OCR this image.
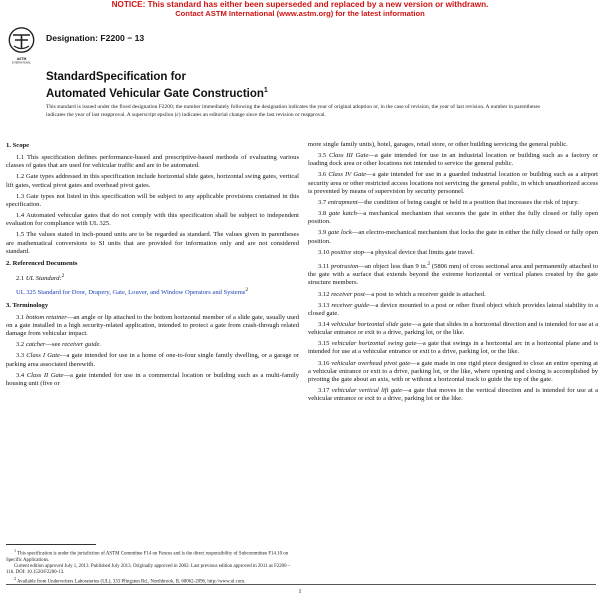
NOTICE: This standard has either been superseded and replaced by a new version or withdrawn.
Contact ASTM International (www.astm.org) for the latest information
ASTM
INTERNATIONAL
Designation: F2200 − 13
StandardSpecification for
Automated Vehicular Gate Construction$^1$
This standard is issued under the fixed designation F2200; the number immediately following the designation indicates the year of original adoption or, in the case of revision, the year of last revision. A number in parentheses indicates the year of last reapproval. A superscript epsilon (ε) indicates an editorial change since the last revision or reapproval.
1. Scope

1.1 This specification defines performance-based and prescriptive-based methods of evaluating various classes of gates that are used for vehicular traffic and are to be automated.

1.2 Gate types addressed in this specification include horizontal slide gates, horizontal swing gates, vertical lift gates, vertical pivot gates and overhead pivot gates.

1.3 Gate types not listed in this specification will be subject to any applicable provisions contained in this specification.

1.4 Automated vehicular gates that do not comply with this specification shall be subject to independent evaluation for compliance with UL 325.

1.5 The values stated in inch-pound units are to be regarded as standard. The values given in parentheses are mathematical conversions to SI units that are provided for information only and are not considered standard.

2. Referenced Documents

2.1 UL Standard:$^2$

UL 325 Standard for Door, Drapery, Gate, Louver, and Window Operators and Systems$^2$

3. Terminology

3.1 bottom retainer—an angle or lip attached to the bottom horizontal member of a slide gate, usually used on a gate installed in a high security-related application, intended to protect a gate from crash-through related damage from vehicular impact.

3.2 catcher—see receiver guide.

3.3 Class I Gate—a gate intended for use in a home of one-to-four single family dwelling, or a garage or parking area associated therewith.

3.4 Class II Gate—a gate intended for use in a commercial location or building such as a multi-family housing unit (five or

$^1$ This specification is under the jurisdiction of ASTM Committee F14 on Fences and is the direct responsibility of Subcommittee F14.10 on Specific Applications.

Current edition approved July 1, 2013. Published July 2013. Originally approved in 2002. Last previous edition approved in 2011 as F2200 – 11b. DOI: 10.1520/F2200-13.

$^2$ Available from Underwriters Laboratories (UL), 333 Pfingsten Rd., Northbrook, IL 60062-2096, http://www.ul.com.

more single family units), hotel, garages, retail store, or other building servicing the general public.

3.5 Class III Gate—a gate intended for use in an industrial location or building such as a factory or loading dock area or other locations not intended to service the general public.

3.6 Class IV Gate—a gate intended for use in a guarded industrial location or building such as a airport security area or other restricted access locations not servicing the general public, in which unauthorized access is prevented by means of supervision by security personnel.

3.7 entrapment—the condition of being caught or held in a position that increases the risk of injury.

3.8 gate katch—a mechanical mechanism that secures the gate in either the fully closed or fully open position.

3.9 gate lock—an electro-mechanical mechanism that locks the gate in either the fully closed or fully open position.

3.10 positive stop—a physical device that limits gate travel.

3.11 protrusion—an object less than 9 in.$^2$ (5806 mm) of cross sectional area and permanently attached to the gate with a surface that extends beyond the extreme horizontal or vertical planes created by the gate structure members.

3.12 receiver post—a post to which a receiver guide is attached.

3.13 receiver guide—a device mounted to a post or other fixed object which provides lateral stability to a closed gate.

3.14 vehicular horizontal slide gate—a gate that slides in a horizontal direction and is intended for use at a vehicular entrance or exit to a drive, parking lot, or the like.

3.15 vehicular horizontal swing gate—a gate that swings in a horizontal arc in a horizontal plane and is intended for use at a vehicular entrance or exit to a drive, parking lot, or the like.

3.16 vehicular overhead pivot gate—a gate made in one rigid piece designed to close an entire opening at a vehicular entrance or exit to a drive, parking lot, or the like, where opening and closing is accomplished by pivoting the gate about an axis, with or without a horizontal track to guide the top of the gate.

3.17 vehicular vertical lift gate—a gate that moves in the vertical direction and is intended for use at a vehicular entrance or exit to a drive, parking lot or the like.

1
